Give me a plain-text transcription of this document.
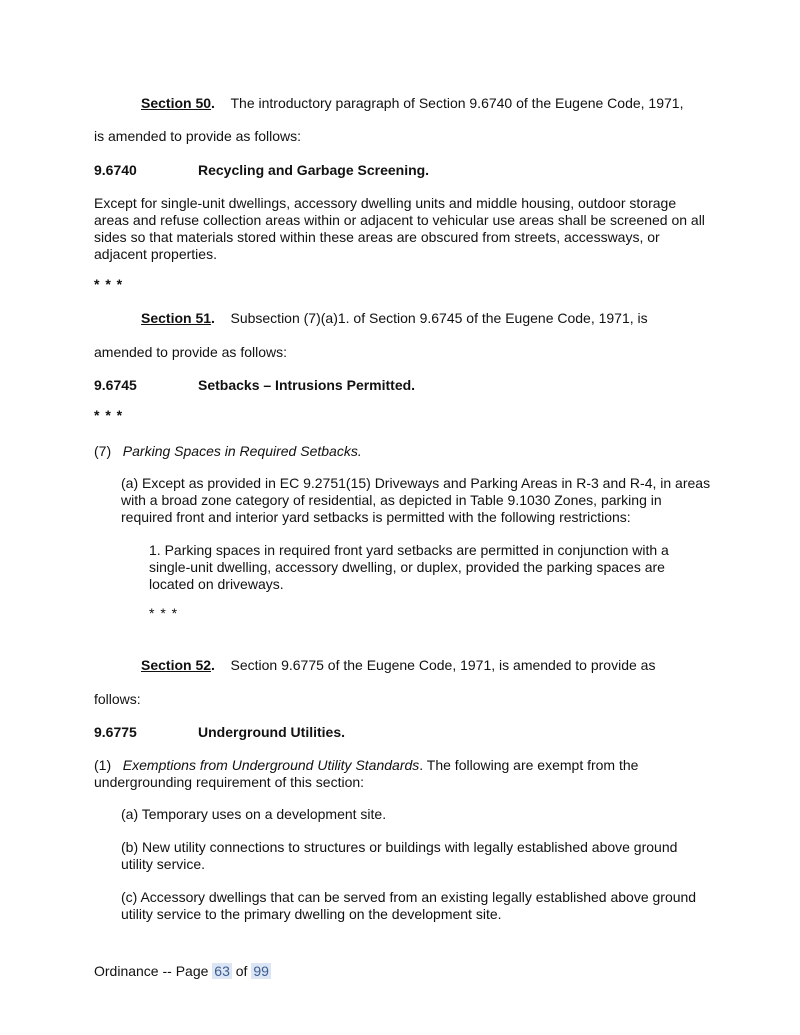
Section 50. The introductory paragraph of Section 9.6740 of the Eugene Code, 1971,

is amended to provide as follows:

9.6740	Recycling and Garbage Screening.

Except for single-unit dwellings, accessory dwelling units and middle housing, outdoor storage areas and refuse collection areas within or adjacent to vehicular use areas shall be screened on all sides so that materials stored within these areas are obscured from streets, accessways, or adjacent properties.

* * *

Section 51. Subsection (7)(a)1. of Section 9.6745 of the Eugene Code, 1971, is

amended to provide as follows:

9.6745	Setbacks – Intrusions Permitted.

* * *

(7) Parking Spaces in Required Setbacks.

(a) Except as provided in EC 9.2751(15) Driveways and Parking Areas in R-3 and R-4, in areas with a broad zone category of residential, as depicted in Table 9.1030 Zones, parking in required front and interior yard setbacks is permitted with the following restrictions:

1. Parking spaces in required front yard setbacks are permitted in conjunction with a single-unit dwelling, accessory dwelling, or duplex, provided the parking spaces are located on driveways.

* * *

Section 52. Section 9.6775 of the Eugene Code, 1971, is amended to provide as

follows:

9.6775	Underground Utilities.

(1) Exemptions from Underground Utility Standards. The following are exempt from the undergrounding requirement of this section:

(a) Temporary uses on a development site.

(b) New utility connections to structures or buildings with legally established above ground utility service.

(c) Accessory dwellings that can be served from an existing legally established above ground utility service to the primary dwelling on the development site.

Ordinance -- Page 63 of 99
